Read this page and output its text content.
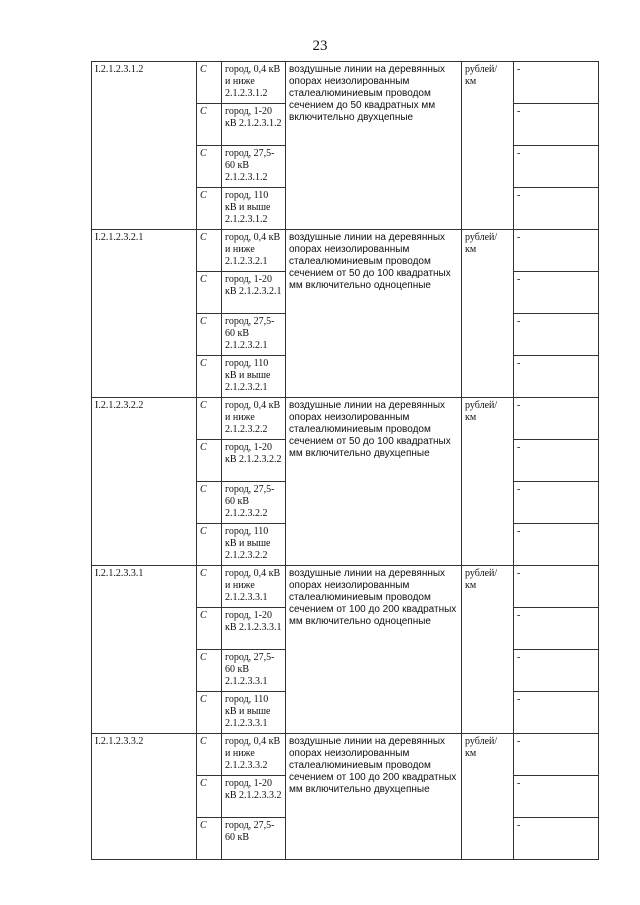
23
I.2.1.2.3.1.2	С	город, 0,4 кВ и ниже 2.1.2.3.1.2	воздушные линии на деревянных опорах неизолированным сталеалюминиевым проводом сечением до 50 квадратных мм включительно двухцепные	рублей/ км	-
	С	город, 1-20 кВ 2.1.2.3.1.2			-
	С	город, 27,5-60 кВ 2.1.2.3.1.2			-
	С	город, 110 кВ и выше 2.1.2.3.1.2			-
I.2.1.2.3.2.1	С	город, 0,4 кВ и ниже 2.1.2.3.2.1	воздушные линии на деревянных опорах неизолированным сталеалюминиевым проводом сечением от 50 до 100 квадратных мм включительно одноцепные	рублей/ км	-
	С	город, 1-20 кВ 2.1.2.3.2.1			-
	С	город, 27,5-60 кВ 2.1.2.3.2.1			-
	С	город, 110 кВ и выше 2.1.2.3.2.1			-
I.2.1.2.3.2.2	С	город, 0,4 кВ и ниже 2.1.2.3.2.2	воздушные линии на деревянных опорах неизолированным сталеалюминиевым проводом сечением от 50 до 100 квадратных мм включительно двухцепные	рублей/ км	-
	С	город, 1-20 кВ 2.1.2.3.2.2			-
	С	город, 27,5-60 кВ 2.1.2.3.2.2			-
	С	город, 110 кВ и выше 2.1.2.3.2.2			-
I.2.1.2.3.3.1	С	город, 0,4 кВ и ниже 2.1.2.3.3.1	воздушные линии на деревянных опорах неизолированным сталеалюминиевым проводом сечением от 100 до 200 квадратных мм включительно одноцепные	рублей/ км	-
	С	город, 1-20 кВ 2.1.2.3.3.1			-
	С	город, 27,5-60 кВ 2.1.2.3.3.1			-
	С	город, 110 кВ и выше 2.1.2.3.3.1			-
I.2.1.2.3.3.2	С	город, 0,4 кВ и ниже 2.1.2.3.3.2	воздушные линии на деревянных опорах неизолированным сталеалюминиевым проводом сечением от 100 до 200 квадратных мм включительно двухцепные	рублей/ км	-
	С	город, 1-20 кВ 2.1.2.3.3.2			-
	С	город, 27,5-60 кВ			-
